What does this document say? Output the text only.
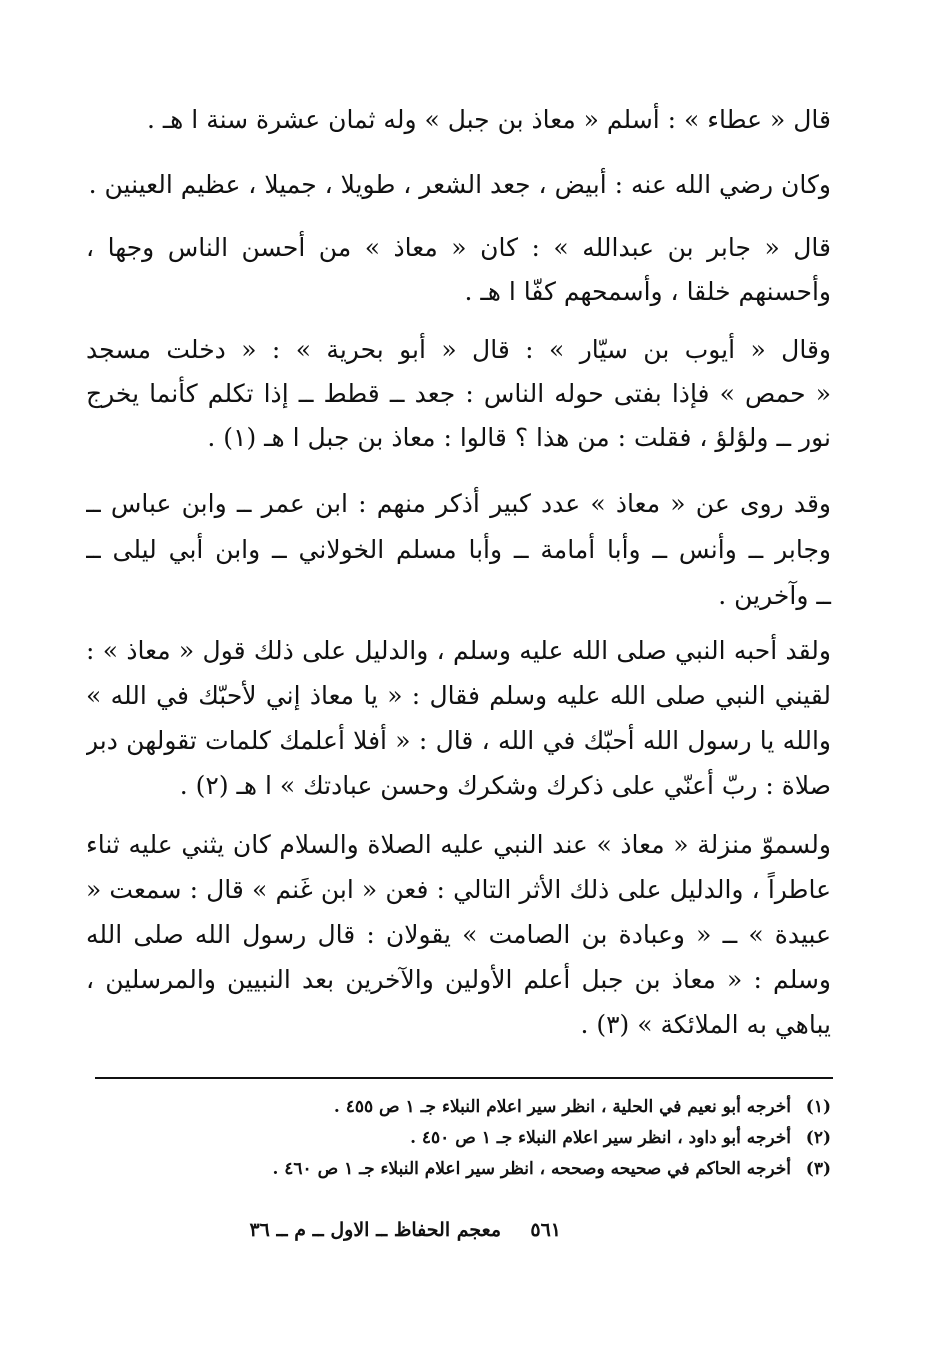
قال « عطاء » : أسلم « معاذ بن جبل » وله ثمان عشرة سنة ا هـ .
وكان رضي الله عنه : أبيض ، جعد الشعر ، طويلا ، جميلا ، عظيم العينين .
قال « جابر بن عبدالله » : كان « معاذ » من أحسن الناس وجها ،
وأحسنهم خلقا ، وأسمحهم كفّا ا هـ .
وقال « أيوب بن سيّار » : قال « أبو بحرية » : « دخلت مسجد
« حمص » فإذا بفتى حوله الناس : جعد ــ قطط ــ إذا تكلم كأنما يخرج
نور ــ ولؤلؤ ، فقلت : من هذا ؟ قالوا : معاذ بن جبل ا هـ (١) .
وقد روى عن « معاذ » عدد كبير أذكر منهم : ابن عمر ــ وابن عباس ــ
وجابر ــ وأنس ــ وأبا أمامة ــ وأبا مسلم الخولاني ــ وابن أبي ليلى ــ
ــ وآخرين .
ولقد أحبه النبي صلى الله عليه وسلم ، والدليل على ذلك قول « معاذ » :
لقيني النبي صلى الله عليه وسلم فقال : « يا معاذ إني لأحبّك في الله »
والله يا رسول الله أحبّك في الله ، قال : « أفلا أعلمك كلمات تقولهن دبر
صلاة : ربّ أعنّي على ذكرك وشكرك وحسن عبادتك » ا هـ (٢) .
ولسموّ منزلة « معاذ » عند النبي عليه الصلاة والسلام كان يثني عليه ثناء
عاطراً ، والدليل على ذلك الأثر التالي : فعن « ابن غَنم » قال : سمعت «
عبيدة » ــ « وعبادة بن الصامت » يقولان : قال رسول الله صلى الله
وسلم : « معاذ بن جبل أعلم الأولين والآخرين بعد النبيين والمرسلين ،
يباهي به الملائكة » (٣) .
(١)أخرجه أبو نعيم في الحلية ، انظر سير اعلام النبلاء جـ ١ ص ٤٥٥ .
(٢)أخرجه أبو داود ، انظر سير اعلام النبلاء جـ ١ ص ٤٥٠ .
(٣)أخرجه الحاكم في صحيحه وصححه ، انظر سير اعلام النبلاء جـ ١ ص ٤٦٠ .
٥٦١
معجم الحفاظ ــ الاول ــ م ــ ٣٦
